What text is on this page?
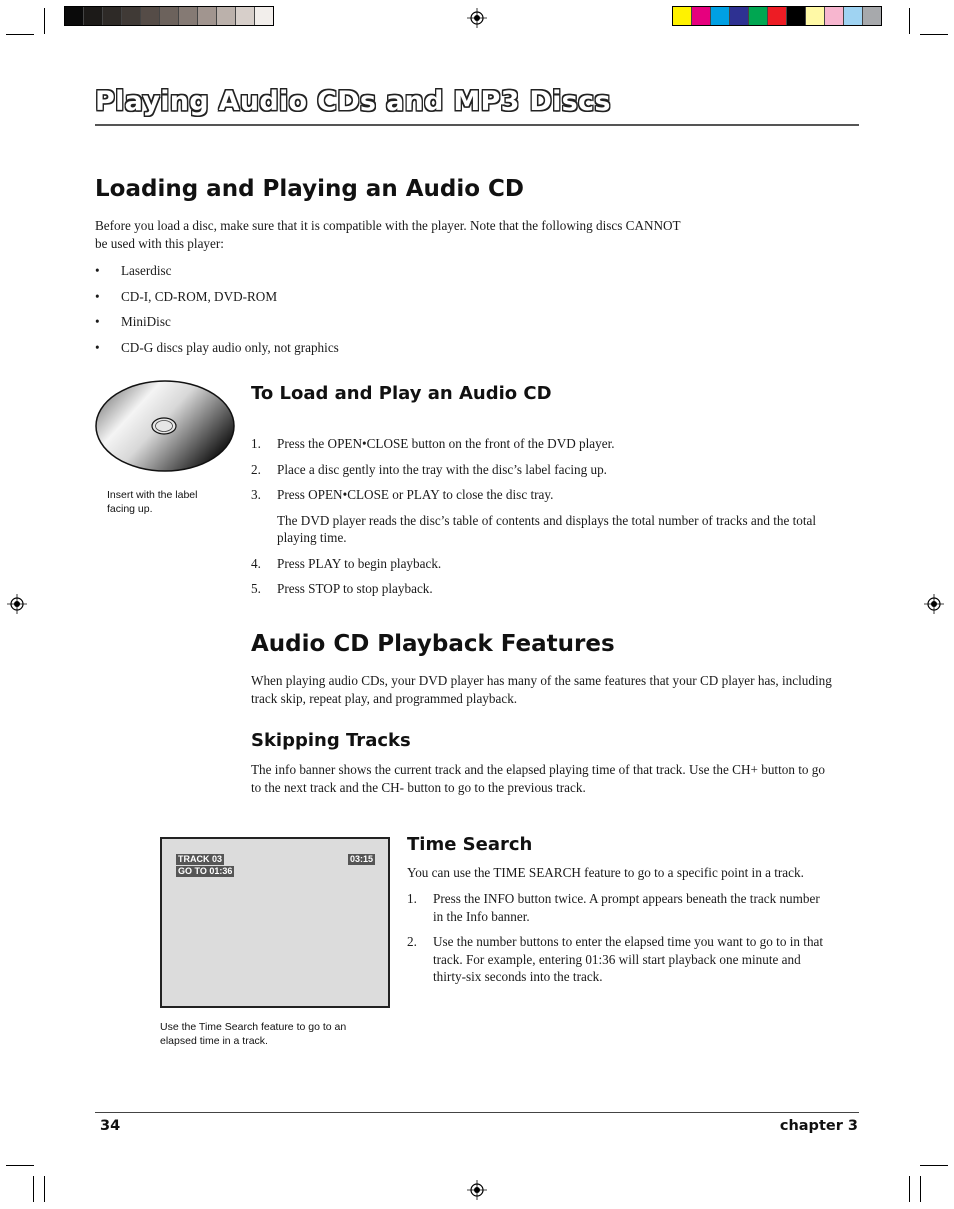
Playing Audio CDs and MP3 Discs
Loading and Playing an Audio CD
Before you load a disc, make sure that it is compatible with the player. Note that the following discs CANNOT
be used with this player:
• Laserdisc
• CD-I, CD-ROM, DVD-ROM
• MiniDisc
• CD-G discs play audio only, not graphics
Insert with the label
facing up.
To Load and Play an Audio CD
1. Press the OPEN•CLOSE button on the front of the DVD player.
2. Place a disc gently into the tray with the disc’s label facing up.
3. Press OPEN•CLOSE or PLAY to close the disc tray.
The DVD player reads the disc’s table of contents and displays the total number of tracks and the total
playing time.
4. Press PLAY to begin playback.
5. Press STOP to stop playback.
Audio CD Playback Features
When playing audio CDs, your DVD player has many of the same features that your CD player has, including
track skip, repeat play, and programmed playback.
Skipping Tracks
The info banner shows the current track and the elapsed playing time of that track. Use the CH+ button to go
to the next track and the CH- button to go to the previous track.
TRACK 03
GO TO 01:36
03:15
Use the Time Search feature to go to an
elapsed time in a track.
Time Search
You can use the TIME SEARCH feature to go to a specific point in a track.
1. Press the INFO button twice. A prompt appears beneath the track number
in the Info banner.
2. Use the number buttons to enter the elapsed time you want to go to in that
track. For example, entering 01:36 will start playback one minute and
thirty-six seconds into the track.
34	chapter 3
